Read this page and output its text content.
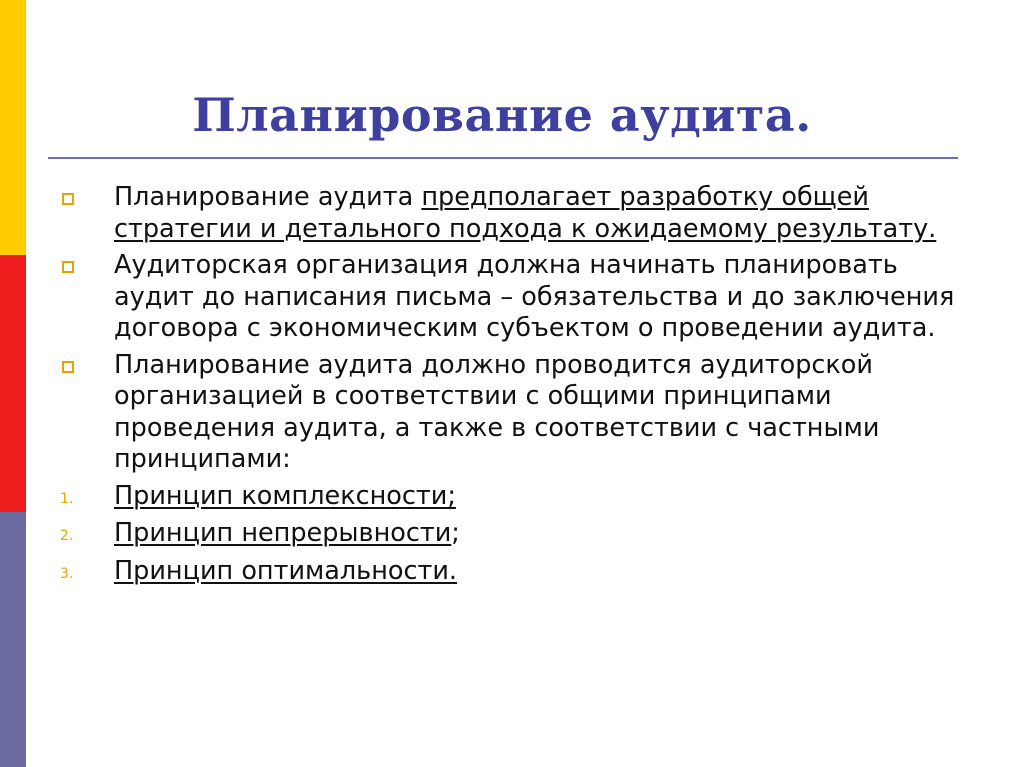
Планирование аудита.
Планирование аудита предполагает разработку общей стратегии и детального подхода к ожидаемому результату.
Аудиторская организация должна начинать планировать аудит до написания письма – обязательства и до заключения договора с экономическим субъектом о проведении аудита.
Планирование аудита должно проводится аудиторской организацией в соответствии с общими принципами проведения аудита, а также в соответствии с частными принципами:
1. Принцип комплексности;
2. Принцип непрерывности;
3. Принцип оптимальности.
